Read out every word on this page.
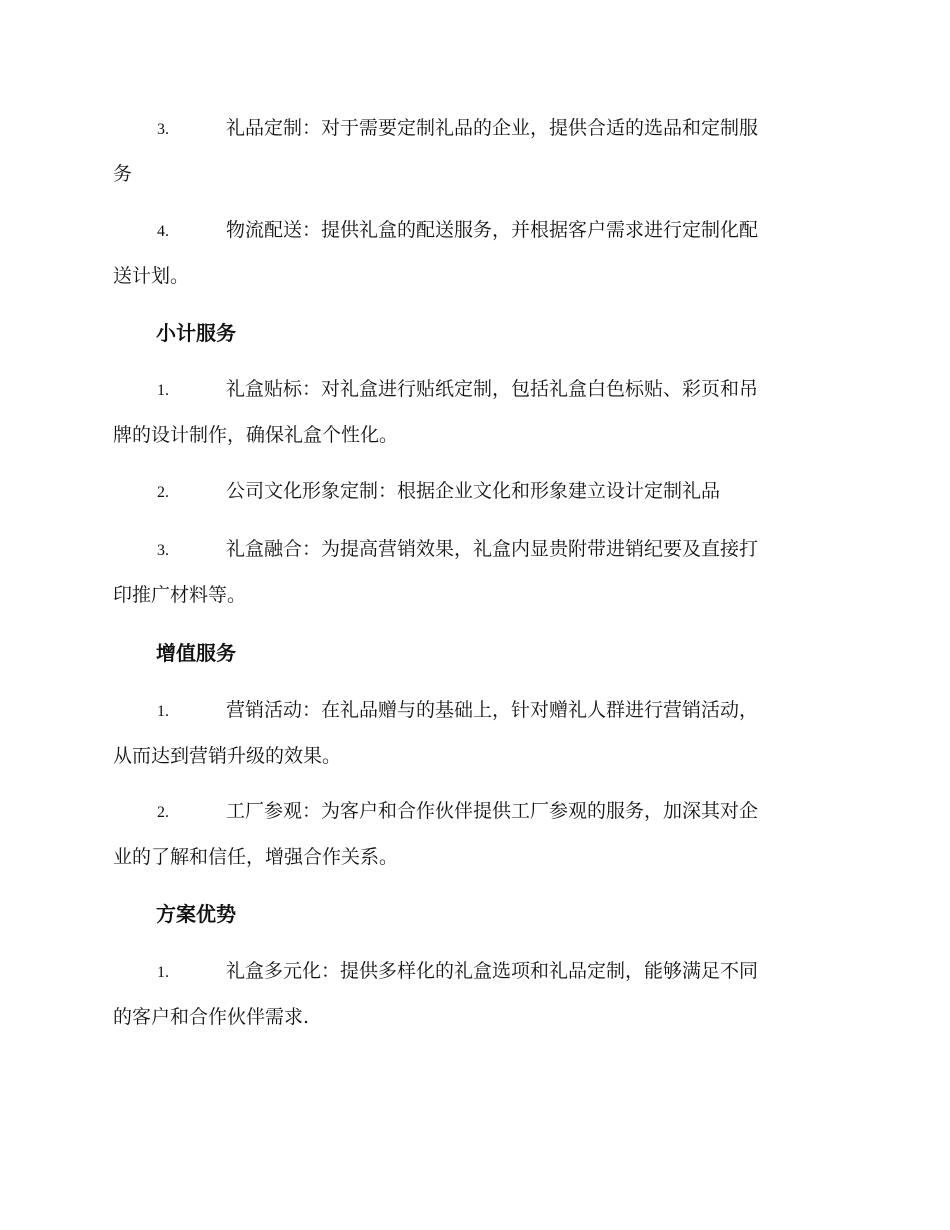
3.	礼品定制：对于需要定制礼品的企业，提供合适的选品和定制服
务
4.	物流配送：提供礼盒的配送服务，并根据客户需求进行定制化配
送计划。
小计服务
1.	礼盒贴标：对礼盒进行贴纸定制，包括礼盒白色标贴、彩页和吊
牌的设计制作，确保礼盒个性化。
2.	公司文化形象定制：根据企业文化和形象建立设计定制礼品
3.	礼盒融合：为提高营销效果，礼盒内显贵附带进销纪要及直接打
印推广材料等。
增值服务
1.	营销活动：在礼品赠与的基础上，针对赠礼人群进行营销活动，
从而达到营销升级的效果。
2.	工厂参观：为客户和合作伙伴提供工厂参观的服务，加深其对企
业的了解和信任，增强合作关系。
方案优势
1.	礼盒多元化：提供多样化的礼盒选项和礼品定制，能够满足不同
的客户和合作伙伴需求.
